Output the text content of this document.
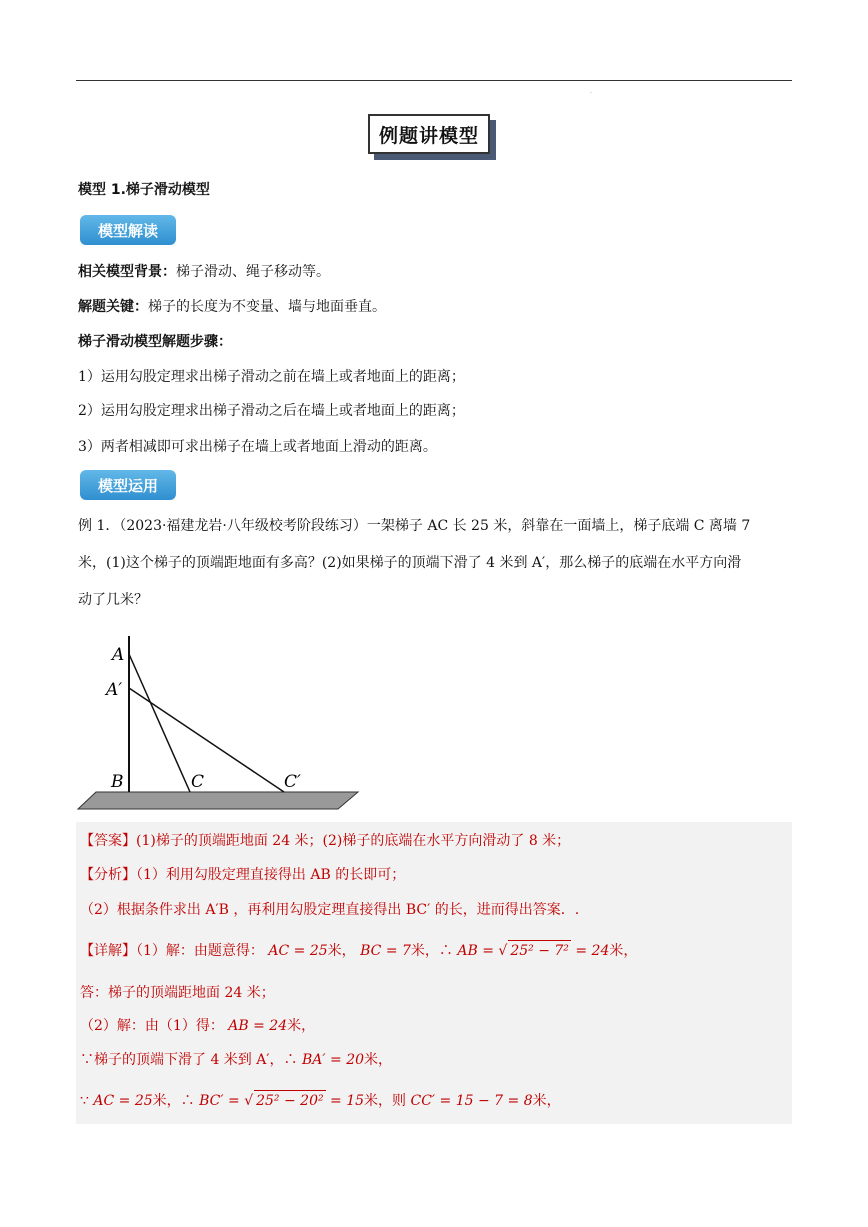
·
例题讲模型
模型 1.梯子滑动模型
模型解读
相关模型背景：梯子滑动、绳子移动等。
解题关键：梯子的长度为不变量、墙与地面垂直。
梯子滑动模型解题步骤：
1）运用勾股定理求出梯子滑动之前在墙上或者地面上的距离；
2）运用勾股定理求出梯子滑动之后在墙上或者地面上的距离；
3）两者相减即可求出梯子在墙上或者地面上滑动的距离。
模型运用
例 1．（2023·福建龙岩·八年级校考阶段练习）一架梯子 AC 长 25 米，斜靠在一面墙上，梯子底端 C 离墙 7
米，(1)这个梯子的顶端距地面有多高？(2)如果梯子的顶端下滑了 4 米到 A′，那么梯子的底端在水平方向滑
动了几米？
A
A′
B	C	C′
【答案】(1)梯子的顶端距地面 24 米；(2)梯子的底端在水平方向滑动了 8 米；
【分析】（1）利用勾股定理直接得出 AB 的长即可；
（2）根据条件求出 A′B ，再利用勾股定理直接得出 BC′ 的长，进而得出答案．.
【详解】（1）解：由题意得： AC = 25米， BC = 7米，∴ AB = √ 25² − 7² = 24米，
答：梯子的顶端距地面 24 米；
（2）解：由（1）得： AB = 24米，
∵梯子的顶端下滑了 4 米到 A′，∴ BA′ = 20米，
∵ AC = 25米，∴ BC′ = √ 25² − 20² = 15米，则 CC′ = 15 − 7 = 8米，
